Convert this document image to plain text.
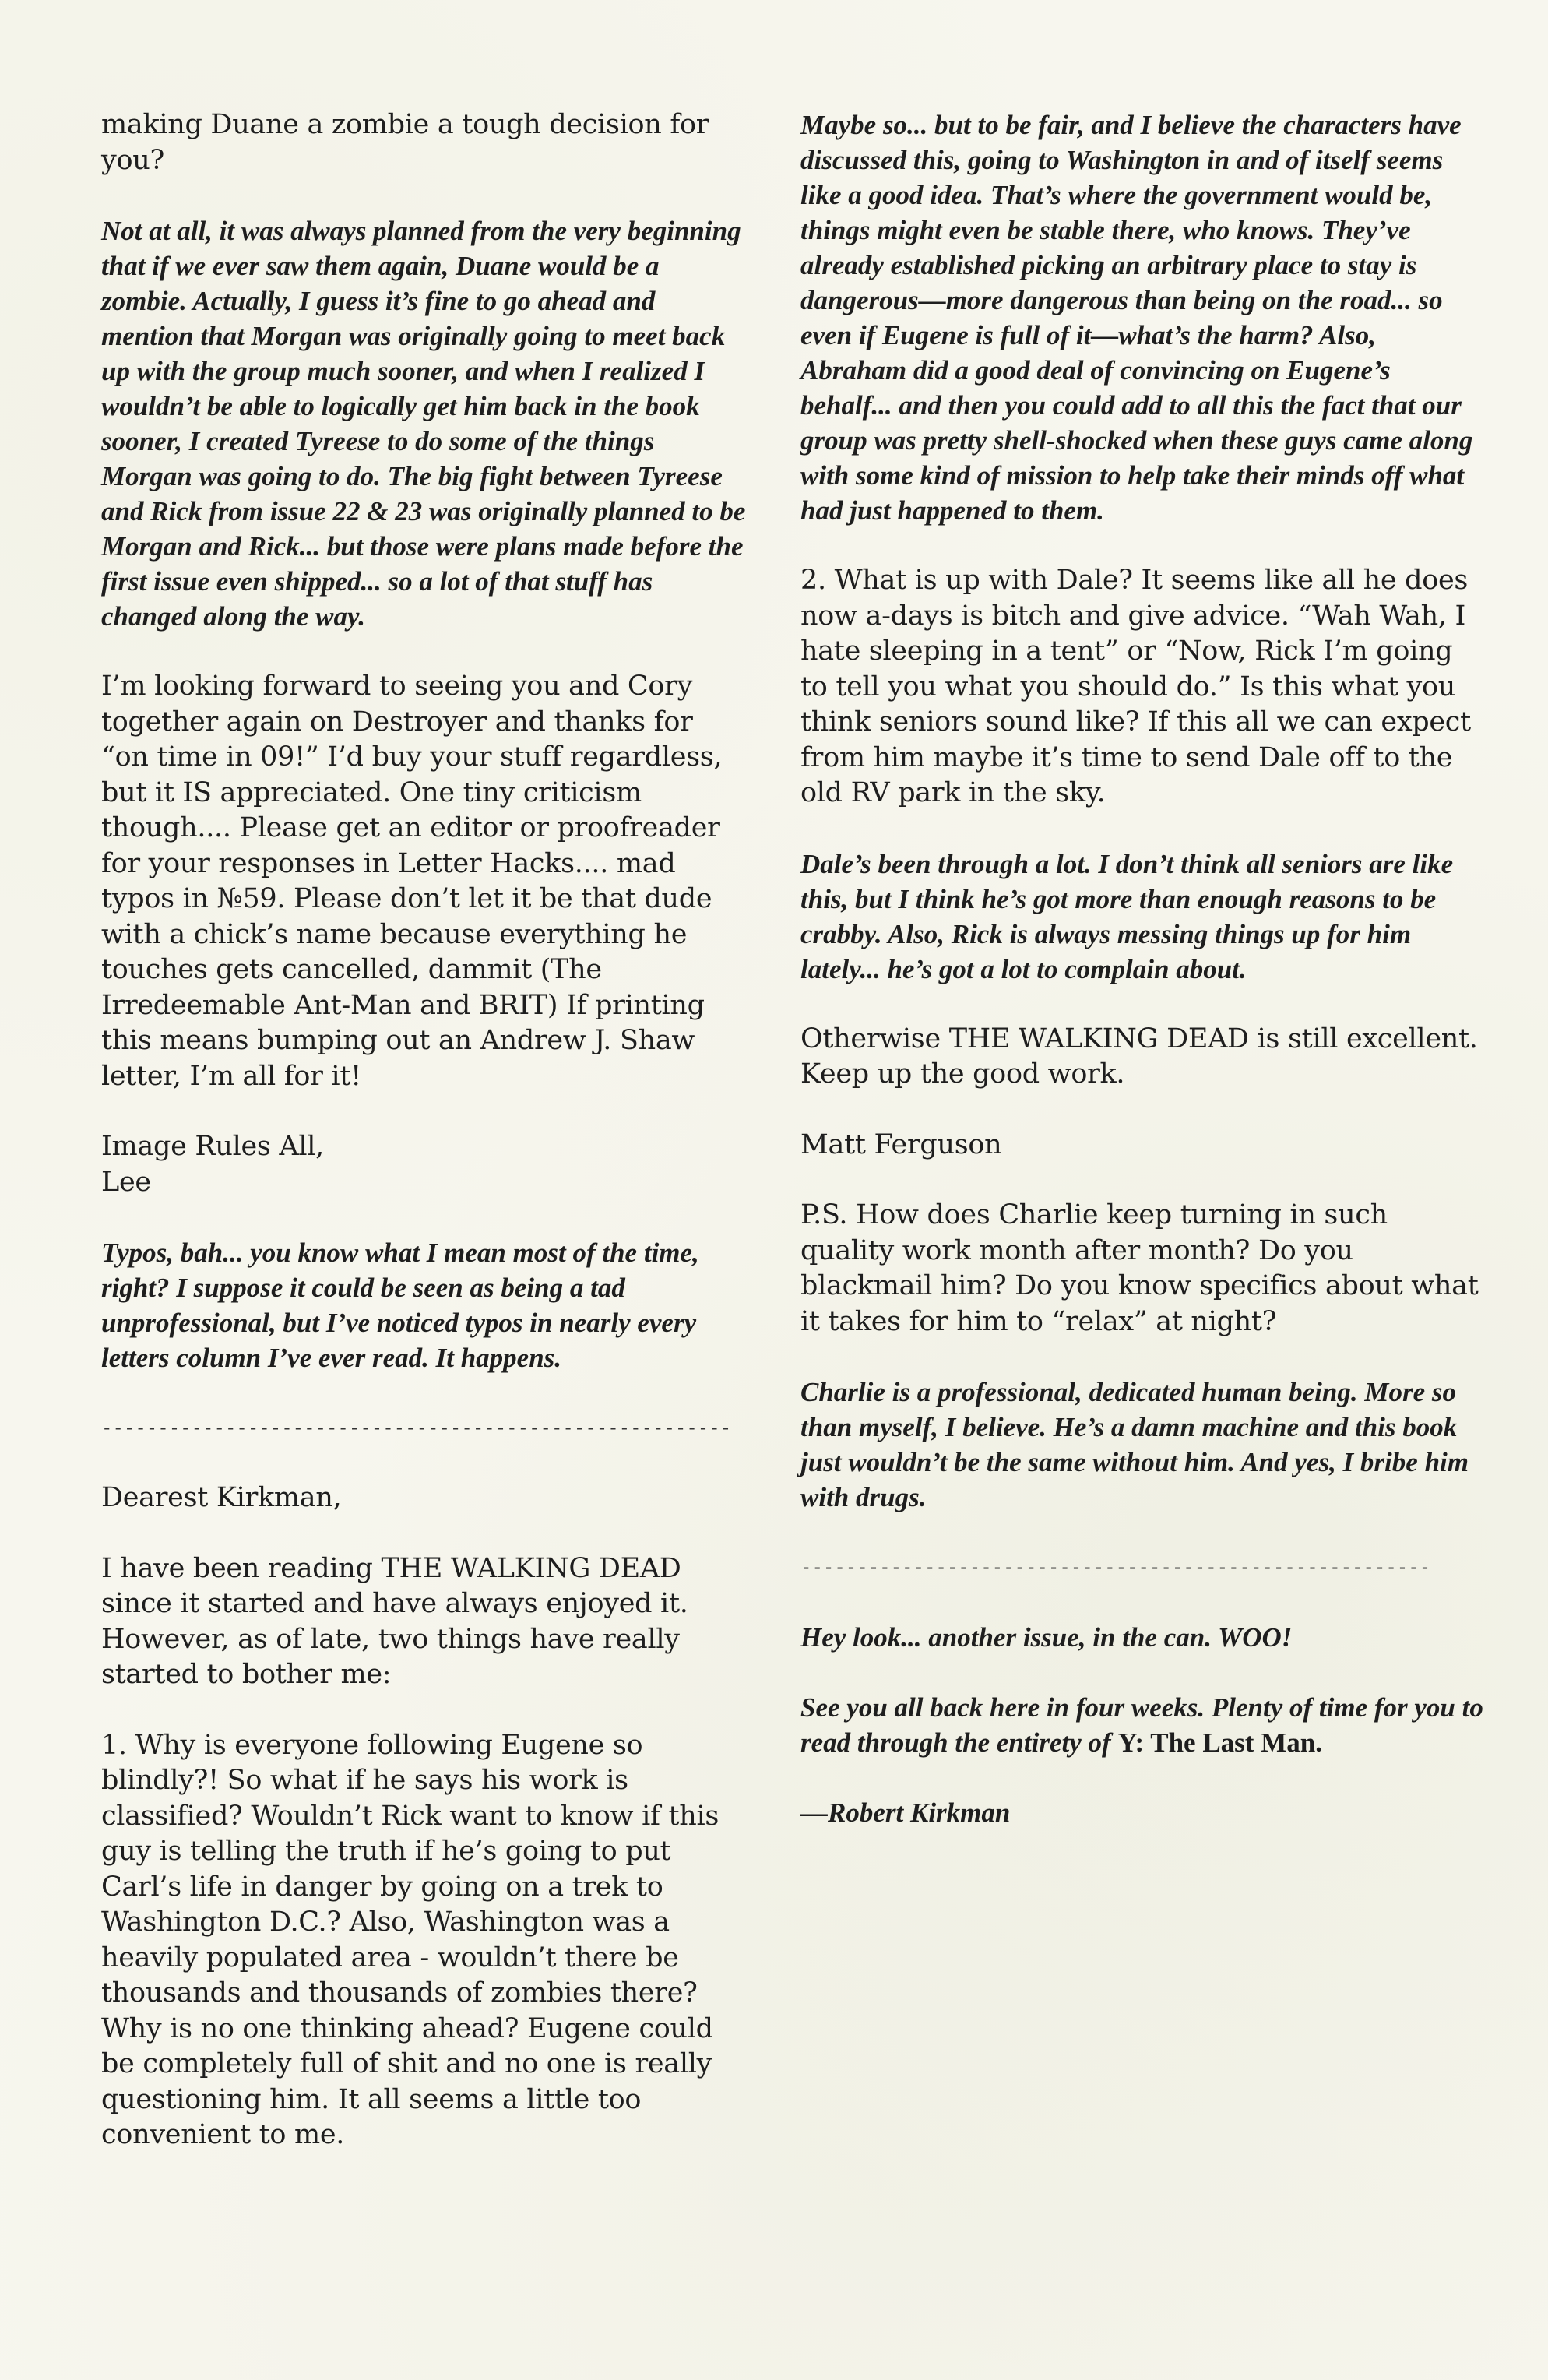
making Duane a zombie a tough decision for you?

Not at all, it was always planned from the very beginning that if we ever saw them again, Duane would be a zombie. Actually, I guess it’s fine to go ahead and mention that Morgan was originally going to meet back up with the group much sooner, and when I realized I wouldn’t be able to logically get him back in the book sooner, I created Tyreese to do some of the things Morgan was going to do. The big fight between Tyreese and Rick from issue 22 & 23 was originally planned to be Morgan and Rick... but those were plans made before the first issue even shipped... so a lot of that stuff has changed along the way.

I’m looking forward to seeing you and Cory together again on Destroyer and thanks for “on time in 09!” I’d buy your stuff regardless, but it IS appreciated. One tiny criticism though.... Please get an editor or proofreader for your responses in Letter Hacks.... mad typos in №59. Please don’t let it be that dude with a chick’s name because everything he touches gets cancelled, dammit (The Irredeemable Ant-Man and BRIT) If printing this means bumping out an Andrew J. Shaw letter, I’m all for it!

Image Rules All,
Lee

Typos, bah... you know what I mean most of the time, right? I suppose it could be seen as being a tad unprofessional, but I’ve noticed typos in nearly every letters column I’ve ever read. It happens.

--------------------------------------------------------

Dearest Kirkman,

I have been reading THE WALKING DEAD since it started and have always enjoyed it. However, as of late, two things have really started to bother me:

1. Why is everyone following Eugene so blindly?! So what if he says his work is classified? Wouldn’t Rick want to know if this guy is telling the truth if he’s going to put Carl’s life in danger by going on a trek to Washington D.C.? Also, Washington was a heavily populated area - wouldn’t there be thousands and thousands of zombies there? Why is no one thinking ahead? Eugene could be completely full of shit and no one is really questioning him. It all seems a little too convenient to me.

Maybe so... but to be fair, and I believe the characters have discussed this, going to Washington in and of itself seems like a good idea. That’s where the government would be, things might even be stable there, who knows. They’ve already established picking an arbitrary place to stay is dangerous—more dangerous than being on the road... so even if Eugene is full of it—what’s the harm? Also, Abraham did a good deal of convincing on Eugene’s behalf... and then you could add to all this the fact that our group was pretty shell-shocked when these guys came along with some kind of mission to help take their minds off what had just happened to them.

2. What is up with Dale? It seems like all he does now a-days is bitch and give advice. “Wah Wah, I hate sleeping in a tent” or “Now, Rick I’m going to tell you what you should do.” Is this what you think seniors sound like? If this all we can expect from him maybe it’s time to send Dale off to the old RV park in the sky.

Dale’s been through a lot. I don’t think all seniors are like this, but I think he’s got more than enough reasons to be crabby. Also, Rick is always messing things up for him lately... he’s got a lot to complain about.

Otherwise THE WALKING DEAD is still excellent. Keep up the good work.

Matt Ferguson

P.S. How does Charlie keep turning in such quality work month after month? Do you blackmail him? Do you know specifics about what it takes for him to “relax” at night?

Charlie is a professional, dedicated human being. More so than myself, I believe. He’s a damn machine and this book just wouldn’t be the same without him. And yes, I bribe him with drugs.

--------------------------------------------------------

Hey look... another issue, in the can. WOO!

See you all back here in four weeks. Plenty of time for you to read through the entirety of Y: The Last Man.

—Robert Kirkman
